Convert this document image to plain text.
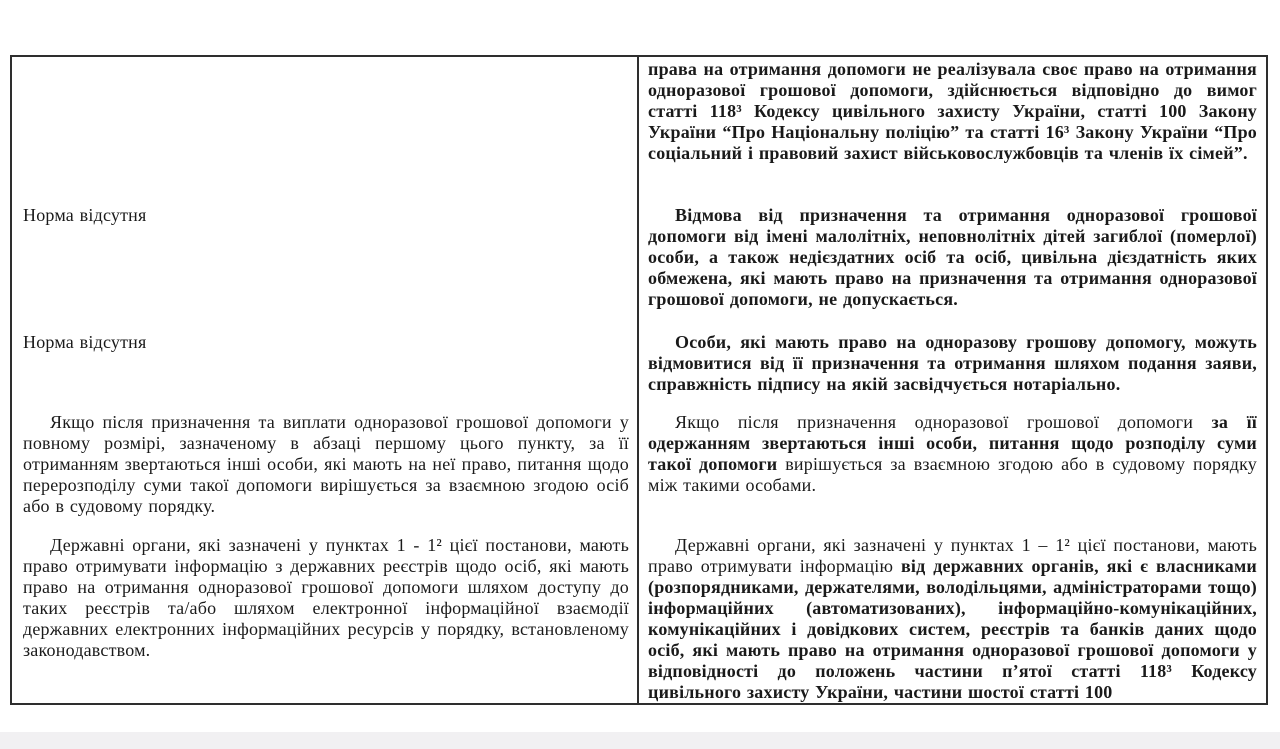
права на отримання допомоги не реалізувала своє право на отримання одноразової грошової допомоги, здійснюється відповідно до вимог статті 118³ Кодексу цивільного захисту України, статті 100 Закону України “Про Національну поліцію” та статті 16³ Закону України “Про соціальний і правовий захист військовослужбовців та членів їх сімей”.

Норма відсутня	Відмова від призначення та отримання одноразової грошової допомоги від імені малолітніх, неповнолітніх дітей загиблої (померлої) особи, а також недієздатних осіб та осіб, цивільна дієздатність яких обмежена, які мають право на призначення та отримання одноразової грошової допомоги, не допускається.

Норма відсутня	Особи, які мають право на одноразову грошову допомогу, можуть відмовитися від її призначення та отримання шляхом подання заяви, справжність підпису на якій засвідчується нотаріально.

Якщо після призначення та виплати одноразової грошової допомоги у повному розмірі, зазначеному в абзаці першому цього пункту, за її отриманням звертаються інші особи, які мають на неї право, питання щодо перерозподілу суми такої допомоги вирішується за взаємною згодою осіб або в судовому порядку.

Якщо після призначення одноразової грошової допомоги за її одержанням звертаються інші особи, питання щодо розподілу суми такої допомоги вирішується за взаємною згодою або в судовому порядку між такими особами.

Державні органи, які зазначені у пунктах 1 - 1² цієї постанови, мають право отримувати інформацію з державних реєстрів щодо осіб, які мають право на отримання одноразової грошової допомоги шляхом доступу до таких реєстрів та/або шляхом електронної інформаційної взаємодії державних електронних інформаційних ресурсів у порядку, встановленому законодавством.

Державні органи, які зазначені у пунктах 1 – 1² цієї постанови, мають право отримувати інформацію від державних органів, які є власниками (розпорядниками, держателями, володільцями, адміністраторами тощо) інформаційних (автоматизованих), інформаційно-комунікаційних, комунікаційних і довідкових систем, реєстрів та банків даних щодо осіб, які мають право на отримання одноразової грошової допомоги у відповідності до положень частини п’ятої статті 118³ Кодексу цивільного захисту України, частини шостої статті 100
